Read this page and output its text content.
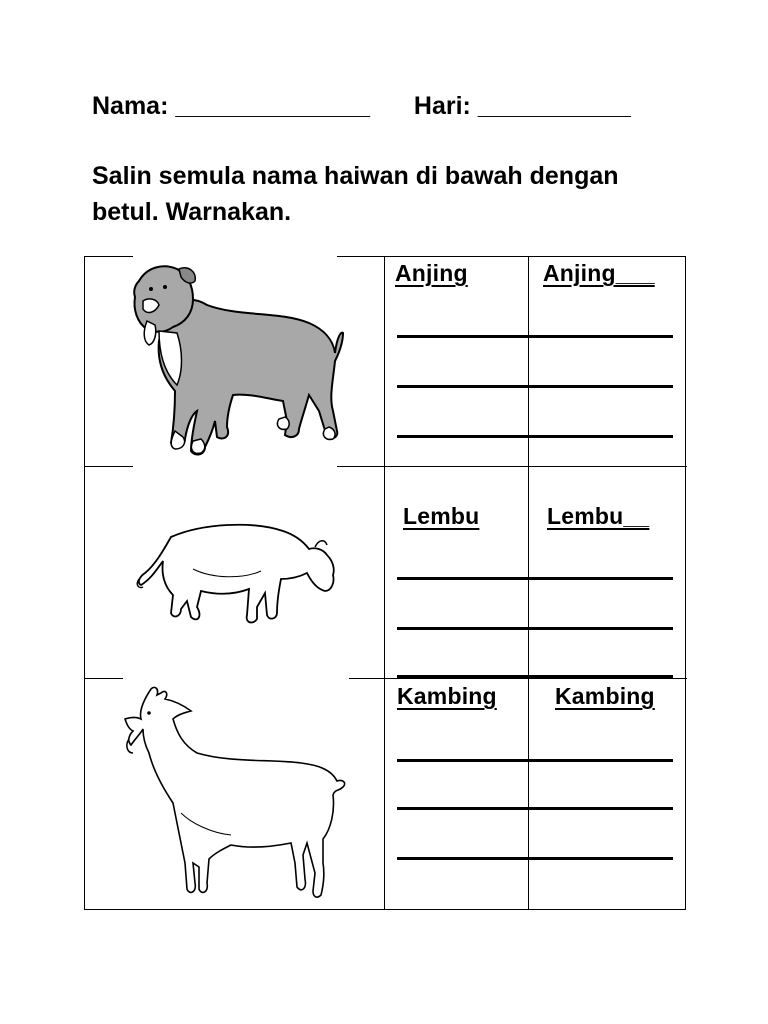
Nama: ______________ Hari: ___________
Salin semula nama haiwan di bawah dengan betul. Warnakan.
Anjing	Anjing___
Lembu	Lembu__
Kambing	Kambing
